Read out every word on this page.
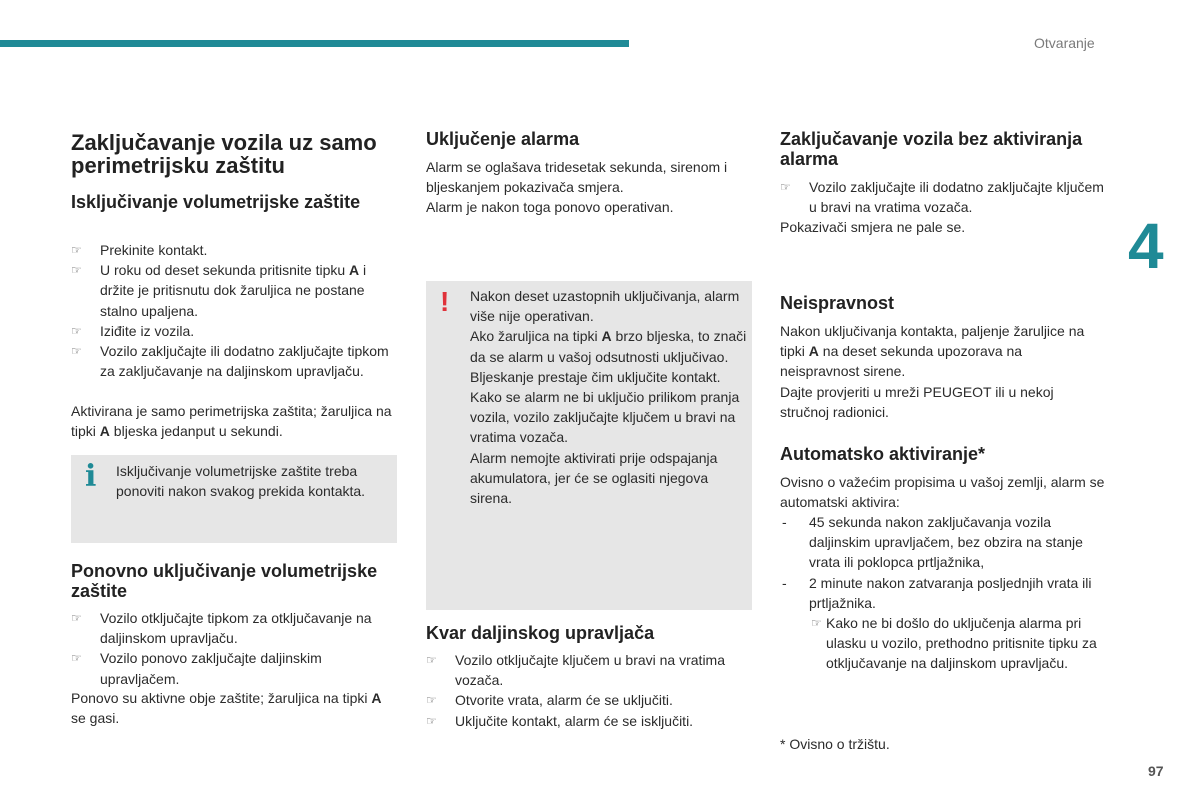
Otvaranje
4
97
Zaključavanje vozila uz samo perimetrijsku zaštitu
Isključivanje volumetrijske zaštite
☞ Prekinite kontakt.
☞ U roku od deset sekunda pritisnite tipku A i držite je pritisnutu dok žaruljica ne postane stalno upaljena.
☞ Iziđite iz vozila.
☞ Vozilo zaključajte ili dodatno zaključajte tipkom za zaključavanje na daljinskom upravljaču.
Aktivirana je samo perimetrijska zaštita; žaruljica na tipki A bljeska jedanput u sekundi.
i Isključivanje volumetrijske zaštite treba ponoviti nakon svakog prekida kontakta.
Ponovno uključivanje volumetrijske zaštite
☞ Vozilo otključajte tipkom za otključavanje na daljinskom upravljaču.
☞ Vozilo ponovo zaključajte daljinskim upravljačem.
Ponovo su aktivne obje zaštite; žaruljica na tipki A se gasi.
Uključenje alarma
Alarm se oglašava tridesetak sekunda, sirenom i bljeskanjem pokazivača smjera.
Alarm je nakon toga ponovo operativan.
! Nakon deset uzastopnih uključivanja, alarm više nije operativan.
Ako žaruljica na tipki A brzo bljeska, to znači da se alarm u vašoj odsutnosti uključivao. Bljeskanje prestaje čim uključite kontakt.
Kako se alarm ne bi uključio prilikom pranja vozila, vozilo zaključajte ključem u bravi na vratima vozača.
Alarm nemojte aktivirati prije odspajanja akumulatora, jer će se oglasiti njegova sirena.
Kvar daljinskog upravljača
☞ Vozilo otključajte ključem u bravi na vratima vozača.
☞ Otvorite vrata, alarm će se uključiti.
☞ Uključite kontakt, alarm će se isključiti.
Zaključavanje vozila bez aktiviranja alarma
☞ Vozilo zaključajte ili dodatno zaključajte ključem u bravi na vratima vozača.
Pokazivači smjera ne pale se.
Neispravnost
Nakon uključivanja kontakta, paljenje žaruljice na tipki A na deset sekunda upozorava na neispravnost sirene.
Dajte provjeriti u mreži PEUGEOT ili u nekoj stručnoj radionici.
Automatsko aktiviranje*
Ovisno o važećim propisima u vašoj zemlji, alarm se automatski aktivira:
- 45 sekunda nakon zaključavanja vozila daljinskim upravljačem, bez obzira na stanje vrata ili poklopca prtljažnika,
- 2 minute nakon zatvaranja posljednjih vrata ili prtljažnika.
☞ Kako ne bi došlo do uključenja alarma pri ulasku u vozilo, prethodno pritisnite tipku za otključavanje na daljinskom upravljaču.
* Ovisno o tržištu.
